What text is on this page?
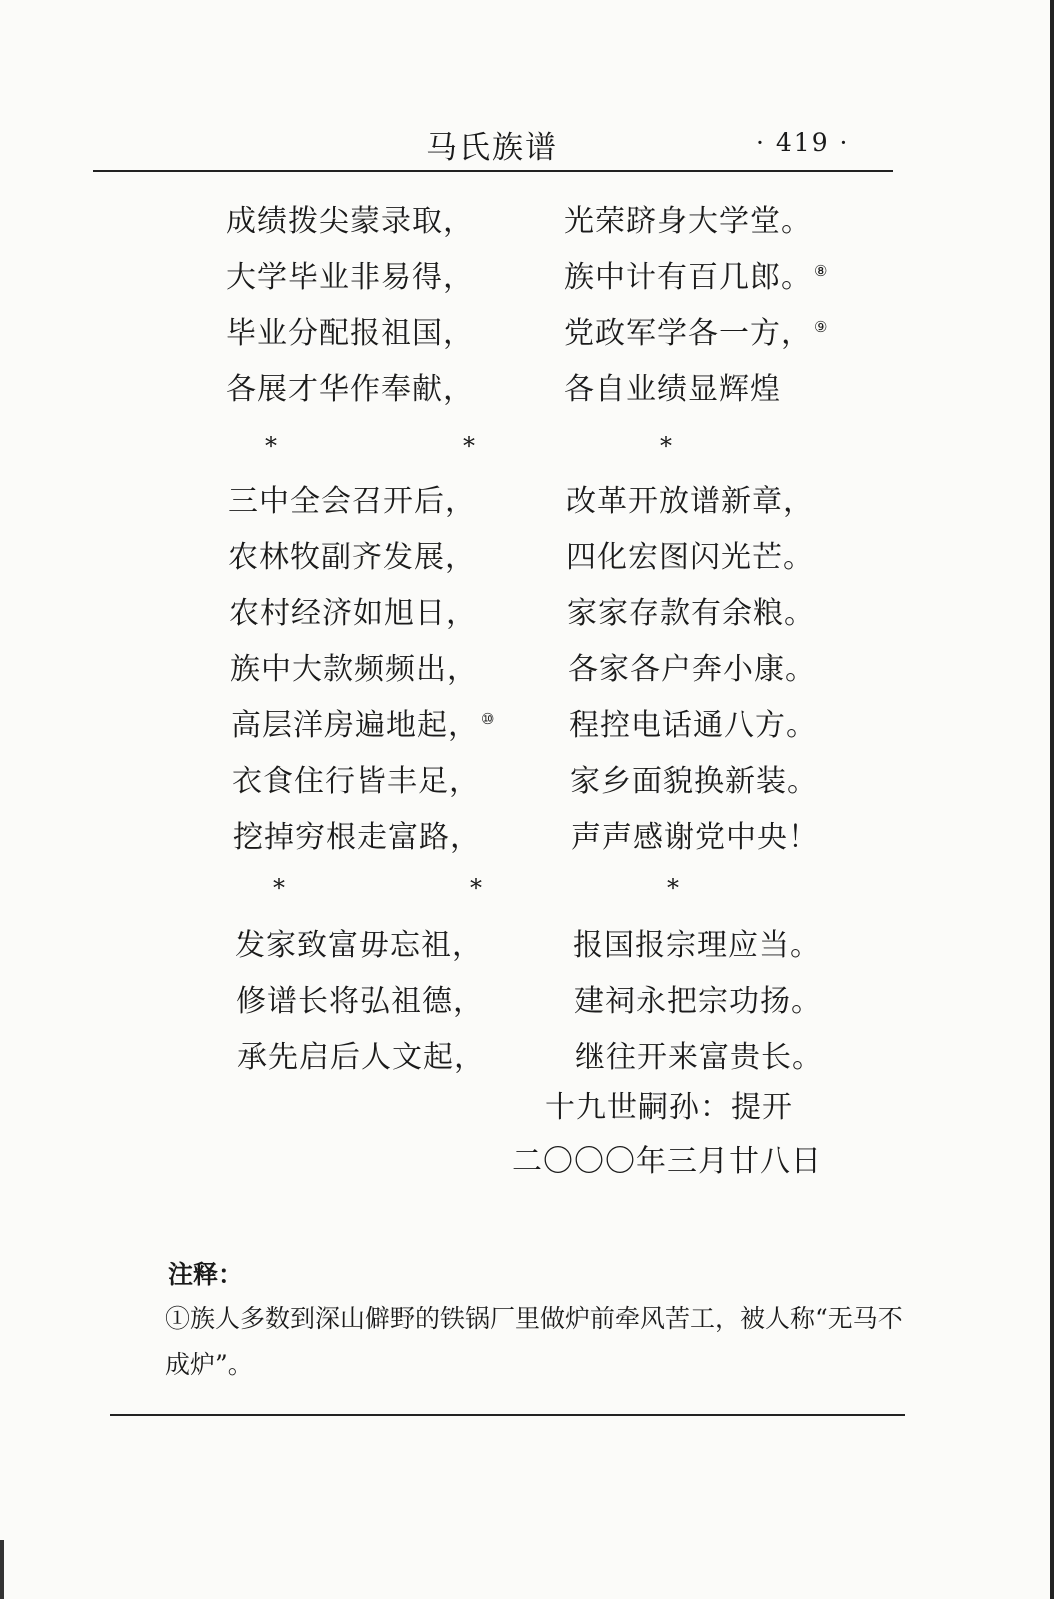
马氏族谱	· 419 ·
成绩拨尖蒙录取，	光荣跻身大学堂。
大学毕业非易得，	族中计有百几郎。 ⑧
毕业分配报祖国，	党政军学各一方， ⑨
各展才华作奉献，	各自业绩显辉煌
*	*	*
三中全会召开后，	改革开放谱新章，
农林牧副齐发展，	四化宏图闪光芒。
农村经济如旭日，	家家存款有余粮。
族中大款频频出，	各家各户奔小康。
高层洋房遍地起， ⑩ 程控电话通八方。
衣食住行皆丰足，	家乡面貌换新装。
挖掉穷根走富路，	声声感谢党中央！
*	*	*
发家致富毋忘祖，	报国报宗理应当。
修谱长将弘祖德，	建祠永把宗功扬。
承先启后人文起，	继往开来富贵长。
十九世嗣孙：提开
二〇〇〇年三月廿八日
注释：
①族人多数到深山僻野的铁锅厂里做炉前牵风苦工，被人称“无马不成炉”。
